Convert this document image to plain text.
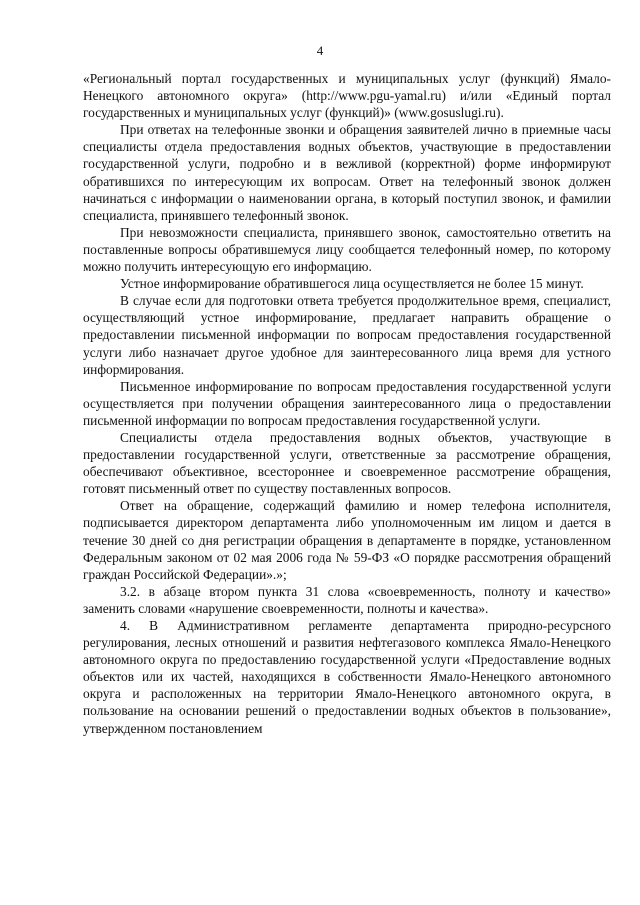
4

«Региональный портал государственных и муниципальных услуг (функций) Ямало-Ненецкого автономного округа» (http://www.pgu-yamal.ru) и/или «Единый портал государственных и муниципальных услуг (функций)» (www.gosuslugi.ru).

При ответах на телефонные звонки и обращения заявителей лично в приемные часы специалисты отдела предоставления водных объектов, участвующие в предоставлении государственной услуги, подробно и в вежливой (корректной) форме информируют обратившихся по интересующим их вопросам. Ответ на телефонный звонок должен начинаться с информации о наименовании органа, в который поступил звонок, и фамилии специалиста, принявшего телефонный звонок.

При невозможности специалиста, принявшего звонок, самостоятельно ответить на поставленные вопросы обратившемуся лицу сообщается телефонный номер, по которому можно получить интересующую его информацию.

Устное информирование обратившегося лица осуществляется не более 15 минут.

В случае если для подготовки ответа требуется продолжительное время, специалист, осуществляющий устное информирование, предлагает направить обращение о предоставлении письменной информации по вопросам предоставления государственной услуги либо назначает другое удобное для заинтересованного лица время для устного информирования.

Письменное информирование по вопросам предоставления государственной услуги осуществляется при получении обращения заинтересованного лица о предоставлении письменной информации по вопросам предоставления государственной услуги.

Специалисты отдела предоставления водных объектов, участвующие в предоставлении государственной услуги, ответственные за рассмотрение обращения, обеспечивают объективное, всестороннее и своевременное рассмотрение обращения, готовят письменный ответ по существу поставленных вопросов.

Ответ на обращение, содержащий фамилию и номер телефона исполнителя, подписывается директором департамента либо уполномоченным им лицом и дается в течение 30 дней со дня регистрации обращения в департаменте в порядке, установленном Федеральным законом от 02 мая 2006 года № 59-ФЗ «О порядке рассмотрения обращений граждан Российской Федерации».»;

3.2. в абзаце втором пункта 31 слова «своевременность, полноту и качество» заменить словами «нарушение своевременности, полноты и качества».

4. В Административном регламенте департамента природно-ресурсного регулирования, лесных отношений и развития нефтегазового комплекса Ямало-Ненецкого автономного округа по предоставлению государственной услуги «Предоставление водных объектов или их частей, находящихся в собственности Ямало-Ненецкого автономного округа и расположенных на территории Ямало-Ненецкого автономного округа, в пользование на основании решений о предоставлении водных объектов в пользование», утвержденном постановлением
